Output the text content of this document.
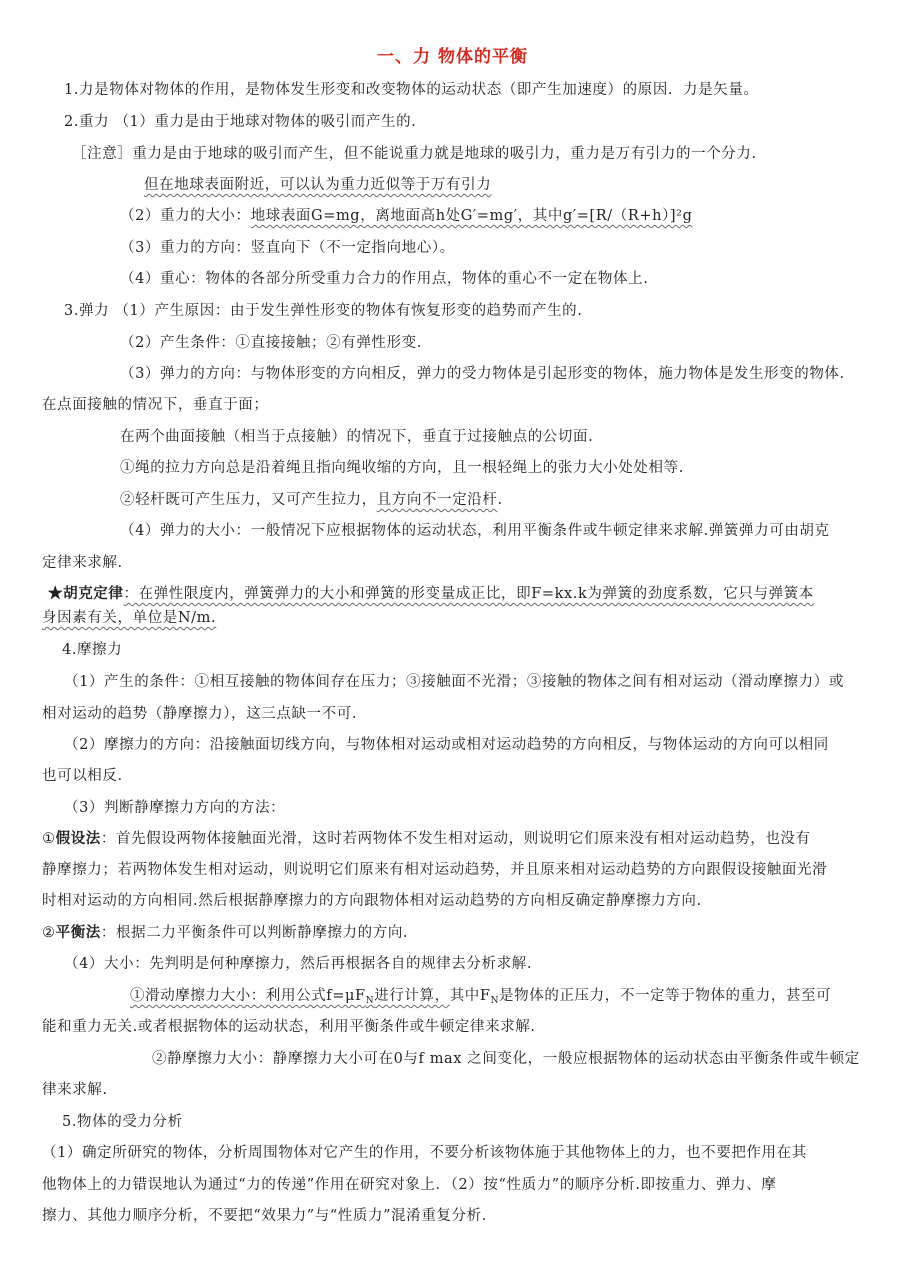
一、力 物体的平衡
1.力是物体对物体的作用，是物体发生形变和改变物体的运动状态（即产生加速度）的原因．力是矢量。
2.重力 （1）重力是由于地球对物体的吸引而产生的.
［注意］重力是由于地球的吸引而产生，但不能说重力就是地球的吸引力，重力是万有引力的一个分力.
但在地球表面附近，可以认为重力近似等于万有引力
（2）重力的大小：地球表面G=mg，离地面高h处G′=mg′，其中g′=[R/（R+h）]²g
（3）重力的方向：竖直向下（不一定指向地心）。
（4）重心：物体的各部分所受重力合力的作用点，物体的重心不一定在物体上.
3.弹力 （1）产生原因：由于发生弹性形变的物体有恢复形变的趋势而产生的.
（2）产生条件：①直接接触；②有弹性形变.
（3）弹力的方向：与物体形变的方向相反，弹力的受力物体是引起形变的物体，施力物体是发生形变的物体.
在点面接触的情况下，垂直于面；
在两个曲面接触（相当于点接触）的情况下，垂直于过接触点的公切面.
①绳的拉力方向总是沿着绳且指向绳收缩的方向，且一根轻绳上的张力大小处处相等.
②轻杆既可产生压力，又可产生拉力，且方向不一定沿杆.
（4）弹力的大小：一般情况下应根据物体的运动状态，利用平衡条件或牛顿定律来求解.弹簧弹力可由胡克
定律来求解.
★胡克定律：在弹性限度内，弹簧弹力的大小和弹簧的形变量成正比，即F=kx.k为弹簧的劲度系数，它只与弹簧本
身因素有关，单位是N/m.
4.摩擦力
（1）产生的条件：①相互接触的物体间存在压力；③接触面不光滑；③接触的物体之间有相对运动（滑动摩擦力）或
相对运动的趋势（静摩擦力），这三点缺一不可.
（2）摩擦力的方向：沿接触面切线方向，与物体相对运动或相对运动趋势的方向相反，与物体运动的方向可以相同
也可以相反.
（3）判断静摩擦力方向的方法：
①假设法：首先假设两物体接触面光滑，这时若两物体不发生相对运动，则说明它们原来没有相对运动趋势，也没有
静摩擦力；若两物体发生相对运动，则说明它们原来有相对运动趋势，并且原来相对运动趋势的方向跟假设接触面光滑
时相对运动的方向相同.然后根据静摩擦力的方向跟物体相对运动趋势的方向相反确定静摩擦力方向.
②平衡法：根据二力平衡条件可以判断静摩擦力的方向.
（4）大小：先判明是何种摩擦力，然后再根据各自的规律去分析求解.
①滑动摩擦力大小：利用公式$f=\mu F_N$进行计算，其中$F_N$是物体的正压力，不一定等于物体的重力，甚至可
能和重力无关.或者根据物体的运动状态，利用平衡条件或牛顿定律来求解.
②静摩擦力大小：静摩擦力大小可在0与f max 之间变化，一般应根据物体的运动状态由平衡条件或牛顿定
律来求解.
5.物体的受力分析
（1）确定所研究的物体，分析周围物体对它产生的作用，不要分析该物体施于其他物体上的力，也不要把作用在其
他物体上的力错误地认为通过“力的传递”作用在研究对象上．（2）按“性质力”的顺序分析.即按重力、弹力、摩
擦力、其他力顺序分析，不要把“效果力”与“性质力”混淆重复分析.
